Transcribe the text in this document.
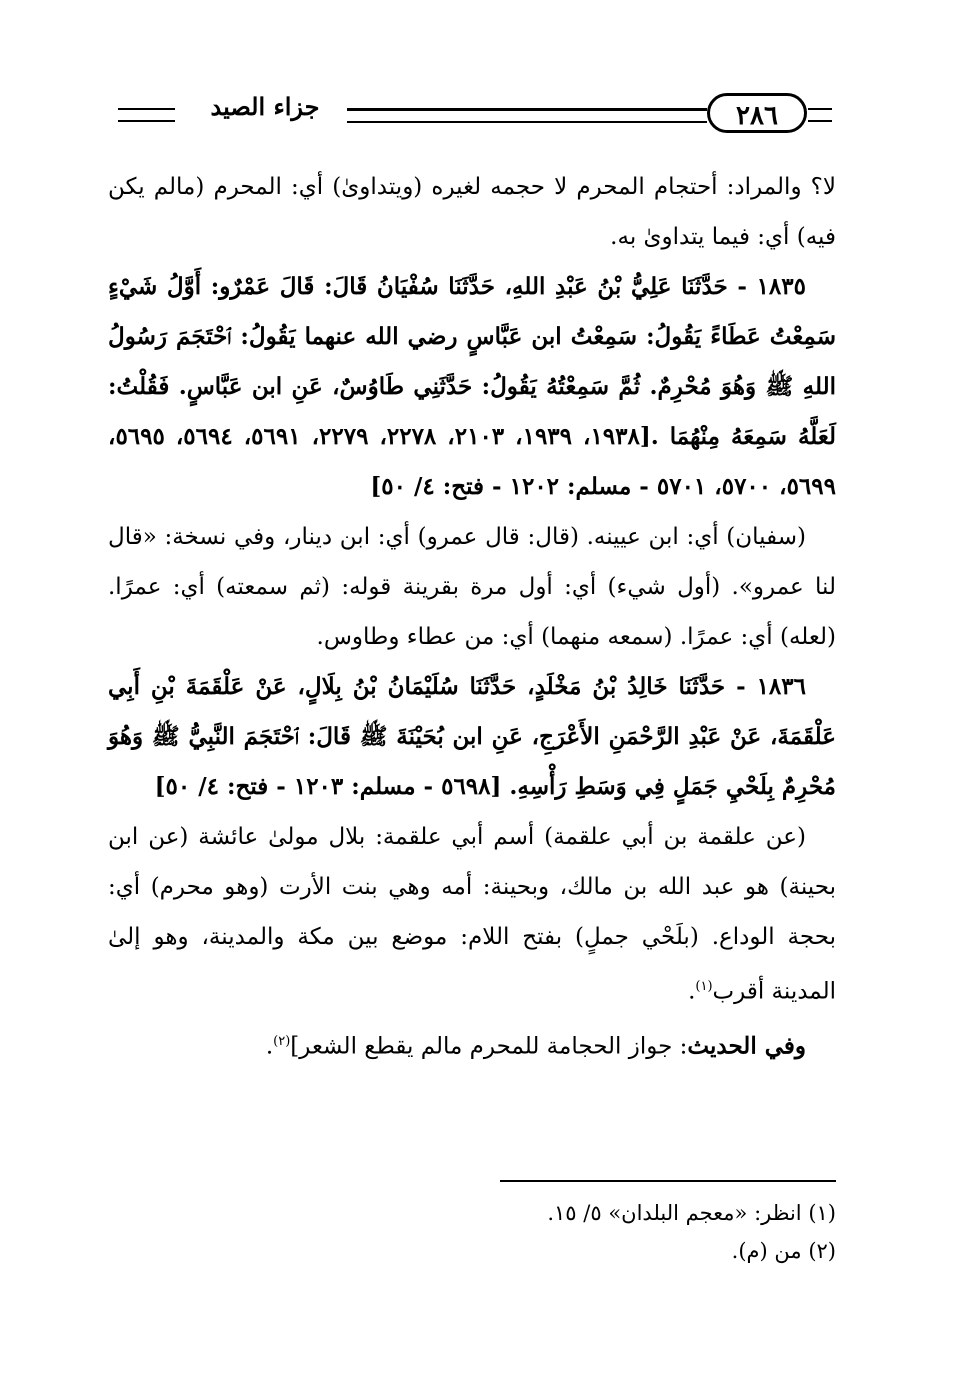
جزاء الصيد	٢٨٦

لا؟ والمراد: أحتجام المحرم لا حجمه لغيره (ويتداوىٰ) أي: المحرم (مالم يكن فيه) أي: فيما يتداوىٰ به.

١٨٣٥ - حَدَّثَنَا عَلِيُّ بْنُ عَبْدِ اللهِ، حَدَّثَنَا سُفْيَانُ قَالَ: قَالَ عَمْرٌو: أَوَّلُ شَيْءٍ سَمِعْتُ عَطَاءً يَقُولُ: سَمِعْتُ ابن عَبَّاسٍ رضي الله عنهما يَقُولُ: ٱحْتَجَمَ رَسُولُ اللهِ ﷺ وَهُوَ مُحْرِمٌ. ثُمَّ سَمِعْتُهُ يَقُولُ: حَدَّثَنِي طَاوُسٌ، عَنِ ابن عَبَّاسٍ. فَقُلْتُ: لَعَلَّهُ سَمِعَهُ مِنْهُمَا .[١٩٣٨، ١٩٣٩، ٢١٠٣، ٢٢٧٨، ٢٢٧٩، ٥٦٩١، ٥٦٩٤، ٥٦٩٥، ٥٦٩٩، ٥٧٠٠، ٥٧٠١ - مسلم: ١٢٠٢ - فتح: ٤/ ٥٠]

(سفيان) أي: ابن عيينه. (قال: قال عمرو) أي: ابن دينار، وفي نسخة: «قال لنا عمرو». (أول شيء) أي: أول مرة بقرينة قوله: (ثم سمعته) أي: عمرًا. (لعله) أي: عمرًا. (سمعه منهما) أي: من عطاء وطاوس.

١٨٣٦ - حَدَّثَنَا خَالِدُ بْنُ مَخْلَدٍ، حَدَّثَنَا سُلَيْمَانُ بْنُ بِلَالٍ، عَنْ عَلْقَمَةَ بْنِ أَبِي عَلْقَمَةَ، عَنْ عَبْدِ الرَّحْمَنِ الأَعْرَجِ، عَنِ ابن بُحَيْنَةَ ﷺ قَالَ: ٱحْتَجَمَ النَّبِيُّ ﷺ وَهُوَ مُحْرِمٌ بِلَحْيِ جَمَلٍ فِي وَسَطِ رَأْسِهِ. [٥٦٩٨ - مسلم: ١٢٠٣ - فتح: ٤/ ٥٠]

(عن علقمة بن أبي علقمة) أسم أبي علقمة: بلال مولىٰ عائشة (عن ابن بحينة) هو عبد الله بن مالك، وبحينة: أمه وهي بنت الأرت (وهو محرم) أي: بحجة الوداع. (بلَحْي جملٍ) بفتح اللام: موضع بين مكة والمدينة، وهو إلىٰ المدينة أقرب$^{(١)}$.

وفي الحديث: جواز الحجامة للمحرم مالم يقطع الشعر]$^{(٢)}$.

(١) انظر: «معجم البلدان» ٥/ ١٥.

(٢) من (م).
